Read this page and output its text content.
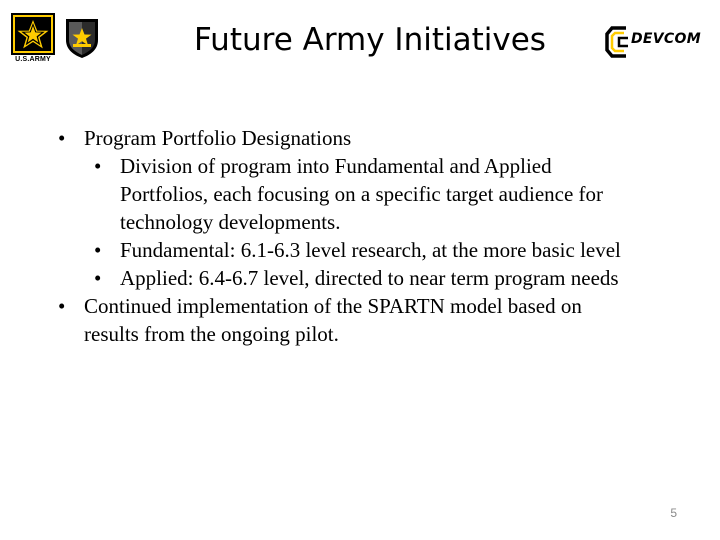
U.S.ARMY
Future Army Initiatives	DEVCOM
• Program Portfolio Designations
• Division of program into Fundamental and Applied
Portfolios, each focusing on a specific target audience for
technology developments.
• Fundamental: 6.1-6.3 level research, at the more basic level
• Applied: 6.4-6.7 level, directed to near term program needs
• Continued implementation of the SPARTN model based on
results from the ongoing pilot.
5
